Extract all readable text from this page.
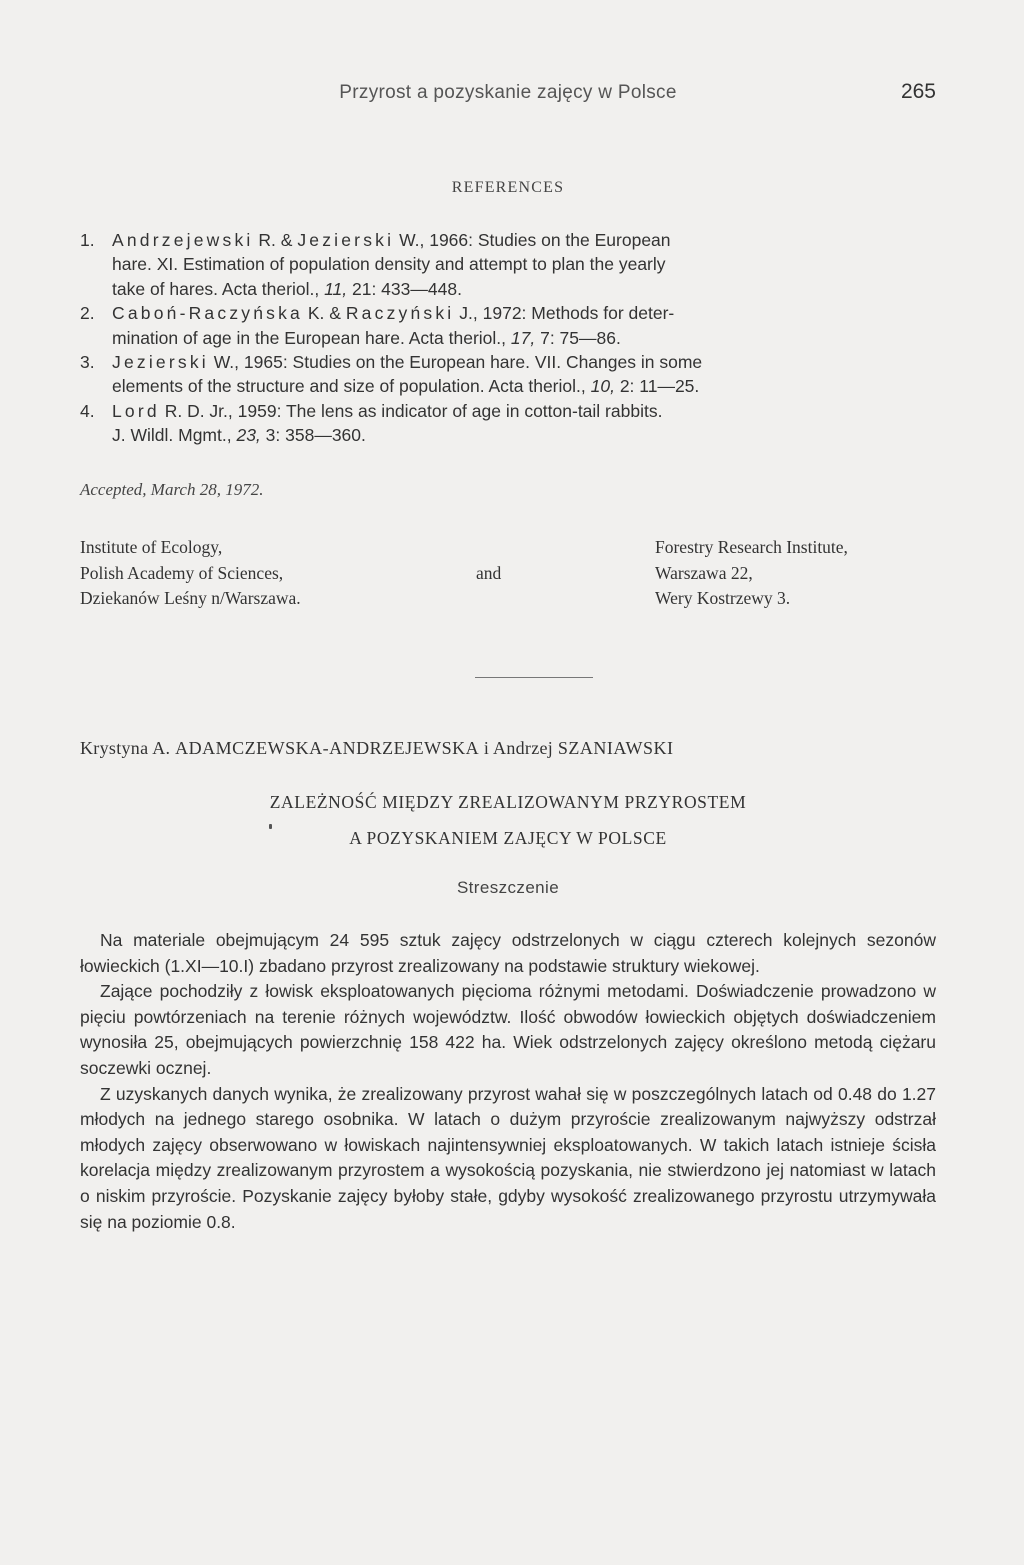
Przyrost a pozyskanie zajęcy w Polsce	265
REFERENCES
1. Andrzejewski R. & Jezierski W., 1966: Studies on the European
hare. XI. Estimation of population density and attempt to plan the yearly
take of hares. Acta theriol., 11, 21: 433—448.
2. Caboń-Raczyńska K. & Raczyński J., 1972: Methods for deter-
mination of age in the European hare. Acta theriol., 17, 7: 75—86.
3. Jezierski W., 1965: Studies on the European hare. VII. Changes in some
elements of the structure and size of population. Acta theriol., 10, 2: 11—25.
4. Lord R. D. Jr., 1959: The lens as indicator of age in cotton-tail rabbits.
J. Wildl. Mgmt., 23, 3: 358—360.
Accepted, March 28, 1972.
Institute of Ecology,
Polish Academy of Sciences,
Dziekanów Leśny n/Warszawa.
and
Forestry Research Institute,
Warszawa 22,
Wery Kostrzewy 3.
Krystyna A. ADAMCZEWSKA-ANDRZEJEWSKA i Andrzej SZANIAWSKI
ZALEŻNOŚĆ MIĘDZY ZREALIZOWANYM PRZYROSTEM
A POZYSKANIEM ZAJĘCY W POLSCE
Streszczenie

Na materiale obejmującym 24 595 sztuk zajęcy odstrzelonych w ciągu czterech kolejnych sezonów łowieckich (1.XI—10.I) zbadano przyrost zrealizowany na podstawie struktury wiekowej.

Zające pochodziły z łowisk eksploatowanych pięcioma różnymi metodami. Doświadczenie prowadzono w pięciu powtórzeniach na terenie różnych województw. Ilość obwodów łowieckich objętych doświadczeniem wynosiła 25, obejmujących powierzchnię 158 422 ha. Wiek odstrzelonych zajęcy określono metodą ciężaru soczewki ocznej.

Z uzyskanych danych wynika, że zrealizowany przyrost wahał się w poszczególnych latach od 0.48 do 1.27 młodych na jednego starego osobnika. W latach o dużym przyroście zrealizowanym najwyższy odstrzał młodych zajęcy obserwowano w łowiskach najintensywniej eksploatowanych. W takich latach istnieje ścisła korelacja między zrealizowanym przyrostem a wysokością pozyskania, nie stwierdzono jej natomiast w latach o niskim przyroście. Pozyskanie zajęcy byłoby stałe, gdyby wysokość zrealizowanego przyrostu utrzymywała się na poziomie 0.8.
